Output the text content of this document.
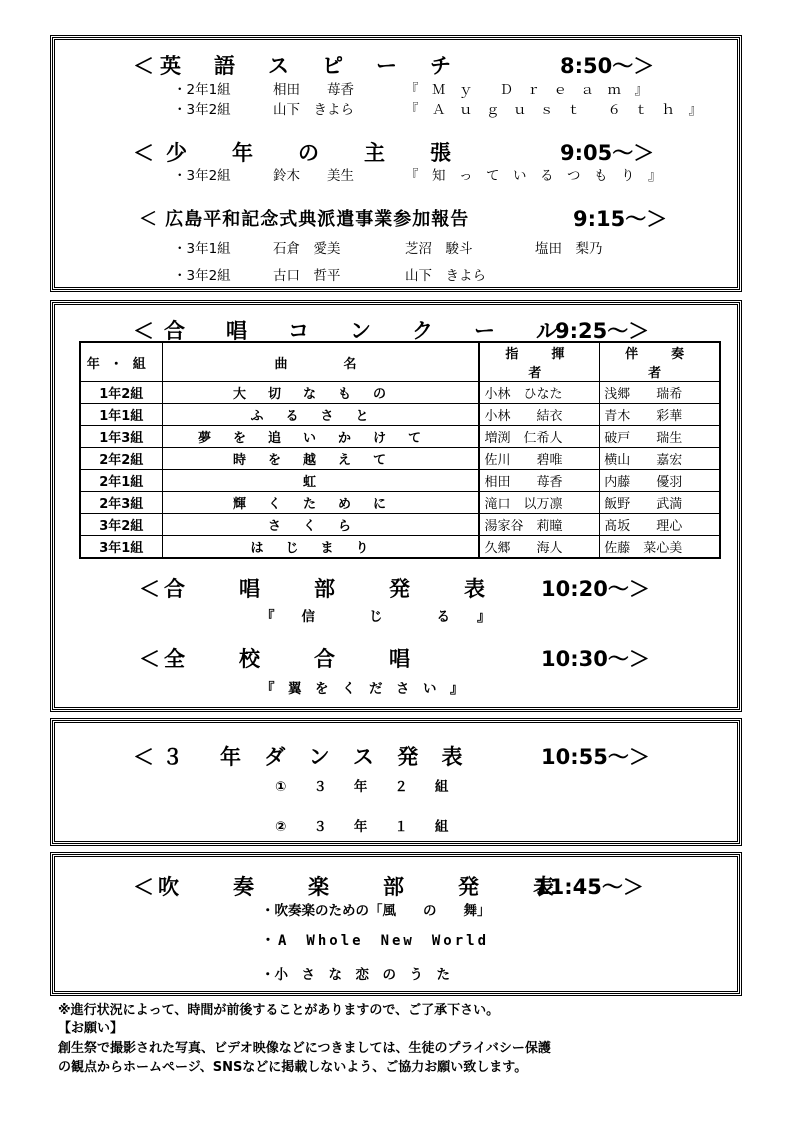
＜英　語　ス　ピ　ー　チ	8:50～＞
・2年1組	相田　　苺香	『　Ｍ　ｙ　　Ｄ　ｒ　ｅ　ａ　ｍ　』
・3年2組	山下　きよら	『　Ａ　ｕ　ｇ　ｕ　ｓ　ｔ　　６　ｔ　ｈ　』
＜少　年　の　主　張	9:05～＞
・3年2組	鈴木　　美生	『　知　っ　て　い　る　つ　も　り　』
＜ 広島平和記念式典派遣事業参加報告	9:15～＞
・3年1組	石倉　愛美	芝沼　駿斗	塩田　梨乃
・3年2組	古口　哲平	山下　きよら
＜合　唱　コ　ン　ク　ー　ル
9:25～＞
年・組	曲　　名	指　揮　者	伴　奏　者
1年2組	大切なもの	小林　ひなた	浅郷　　瑞希
1年1組	ふるさと	小林　　結衣	青木　　彩華
1年3組	夢を追いかけて	増渕　仁希人	破戸　　瑞生
2年2組	時を越えて	佐川　　碧唯	横山　　嘉宏
2年1組	虹	相田　　苺香	内藤　　優羽
2年3組	輝くために	滝口　以万凛	飯野　　武満
3年2組	さくら	湯家谷　莉瞳	髙坂　　理心
3年1組	はじまり	久郷　　海人	佐藤　菜心美
＜合　　唱　　部　　発　　表 10:20～＞
『　　信　　　　じ　　　　る　　』
＜全　　校　　合　　唱	10:30～＞
『　翼　を　く　だ　さ　い　』
＜３　年 ダ ン ス 発 表	10:55～＞
①　　３　　年　　２　　組
②　　３　　年　　１　　組
＜吹　　奏　　楽　　部　　発　　表
11:45～＞
・吹奏楽のための「風　　の　　舞」
・A　Whole　New　World
・小　さ　な　恋　の　う　た
※進行状況によって、時間が前後することがありますので、ご了承下さい。
【お願い】
創生祭で撮影された写真、ビデオ映像などにつきましては、生徒のプライバシー保護
の観点からホームページ、SNSなどに掲載しないよう、ご協力お願い致します。
